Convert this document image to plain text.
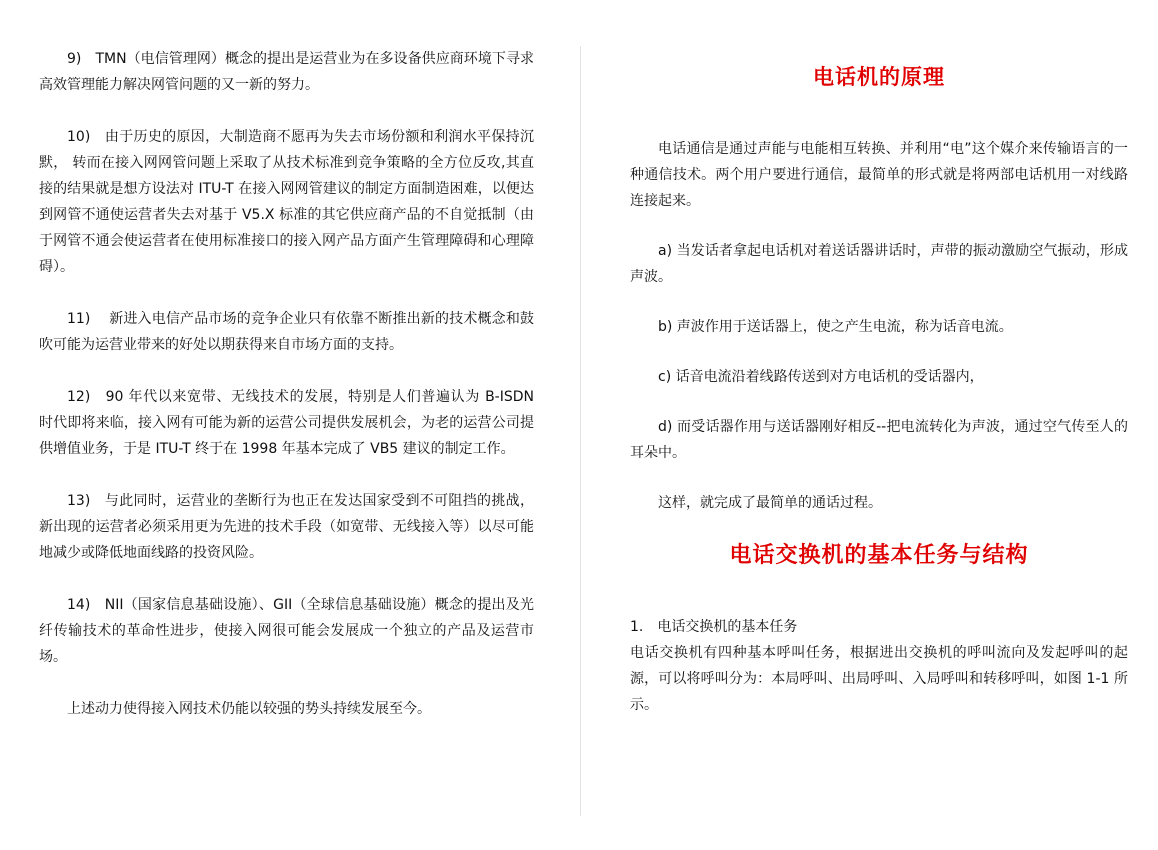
9)　TMN（电信管理网）概念的提出是运营业为在多设备供应商环境下寻求高效管理能力解决网管问题的又一新的努力。

10)　由于历史的原因，大制造商不愿再为失去市场份额和利润水平保持沉默， 转而在接入网网管问题上采取了从技术标准到竞争策略的全方位反攻,其直接的结果就是想方设法对 ITU-T 在接入网网管建议的制定方面制造困难，以便达到网管不通使运营者失去对基于 V5.X 标准的其它供应商产品的不自觉抵制（由于网管不通会使运营者在使用标准接口的接入网产品方面产生管理障碍和心理障碍）。

11)　 新进入电信产品市场的竞争企业只有依靠不断推出新的技术概念和鼓吹可能为运营业带来的好处以期获得来自市场方面的支持。

12)　90 年代以来宽带、无线技术的发展，特别是人们普遍认为 B-ISDN 时代即将来临，接入网有可能为新的运营公司提供发展机会，为老的运营公司提供增值业务，于是 ITU-T 终于在 1998 年基本完成了 VB5 建议的制定工作。

13)　与此同时，运营业的垄断行为也正在发达国家受到不可阻挡的挑战， 新出现的运营者必须采用更为先进的技术手段（如宽带、无线接入等）以尽可能地减少或降低地面线路的投资风险。

14)　NII（国家信息基础设施）、GII（全球信息基础设施）概念的提出及光纤传输技术的革命性进步，使接入网很可能会发展成一个独立的产品及运营市场。

上述动力使得接入网技术仍能以较强的势头持续发展至今。

电话机的原理

电话通信是通过声能与电能相互转换、并利用“电”这个媒介来传输语言的一种通信技术。两个用户要进行通信，最简单的形式就是将两部电话机用一对线路连接起来。

a) 当发话者拿起电话机对着送话器讲话时，声带的振动激励空气振动，形成声波。

b) 声波作用于送话器上，使之产生电流，称为话音电流。

c) 话音电流沿着线路传送到对方电话机的受话器内，

d) 而受话器作用与送话器刚好相反--把电流转化为声波，通过空气传至人的耳朵中。

这样，就完成了最简单的通话过程。

电话交换机的基本任务与结构

1.　电话交换机的基本任务

电话交换机有四种基本呼叫任务，根据进出交换机的呼叫流向及发起呼叫的起源，可以将呼叫分为：本局呼叫、出局呼叫、入局呼叫和转移呼叫，如图 1-1 所示。
